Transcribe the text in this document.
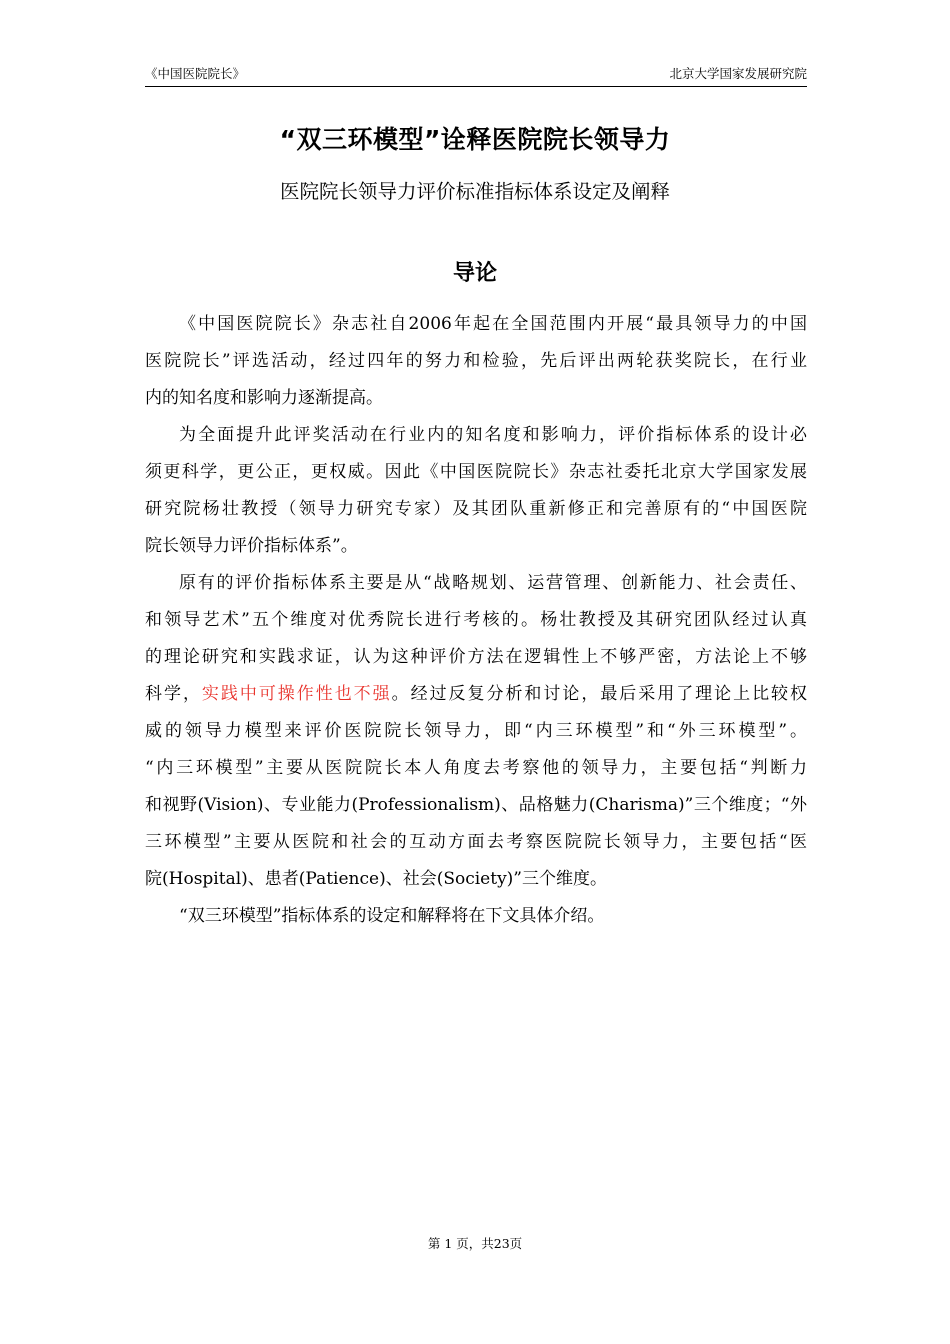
《中国医院院长》	北京大学国家发展研究院
“双三环模型”诠释医院院长领导力
医院院长领导力评价标准指标体系设定及阐释
导论
《中国医院院长》杂志社自2006年起在全国范围内开展“最具领导力的中国
医院院长”评选活动，经过四年的努力和检验，先后评出两轮获奖院长，在行业
内的知名度和影响力逐渐提高。
为全面提升此评奖活动在行业内的知名度和影响力，评价指标体系的设计必
须更科学，更公正，更权威。因此《中国医院院长》杂志社委托北京大学国家发展
研究院杨壮教授（领导力研究专家）及其团队重新修正和完善原有的“中国医院
院长领导力评价指标体系”。
原有的评价指标体系主要是从“战略规划、运营管理、创新能力、社会责任、
和领导艺术”五个维度对优秀院长进行考核的。杨壮教授及其研究团队经过认真
的理论研究和实践求证，认为这种评价方法在逻辑性上不够严密，方法论上不够
科学，实践中可操作性也不强。经过反复分析和讨论，最后采用了理论上比较权
威的领导力模型来评价医院院长领导力，即“内三环模型”和“外三环模型”。
“内三环模型”主要从医院院长本人角度去考察他的领导力，主要包括“判断力
和视野(Vision)、专业能力(Professionalism)、品格魅力(Charisma)”三个维度；“外
三环模型”主要从医院和社会的互动方面去考察医院院长领导力，主要包括“医
院(Hospital)、患者(Patience)、社会(Society)”三个维度。
“双三环模型”指标体系的设定和解释将在下文具体介绍。
第 1 页，共23页
